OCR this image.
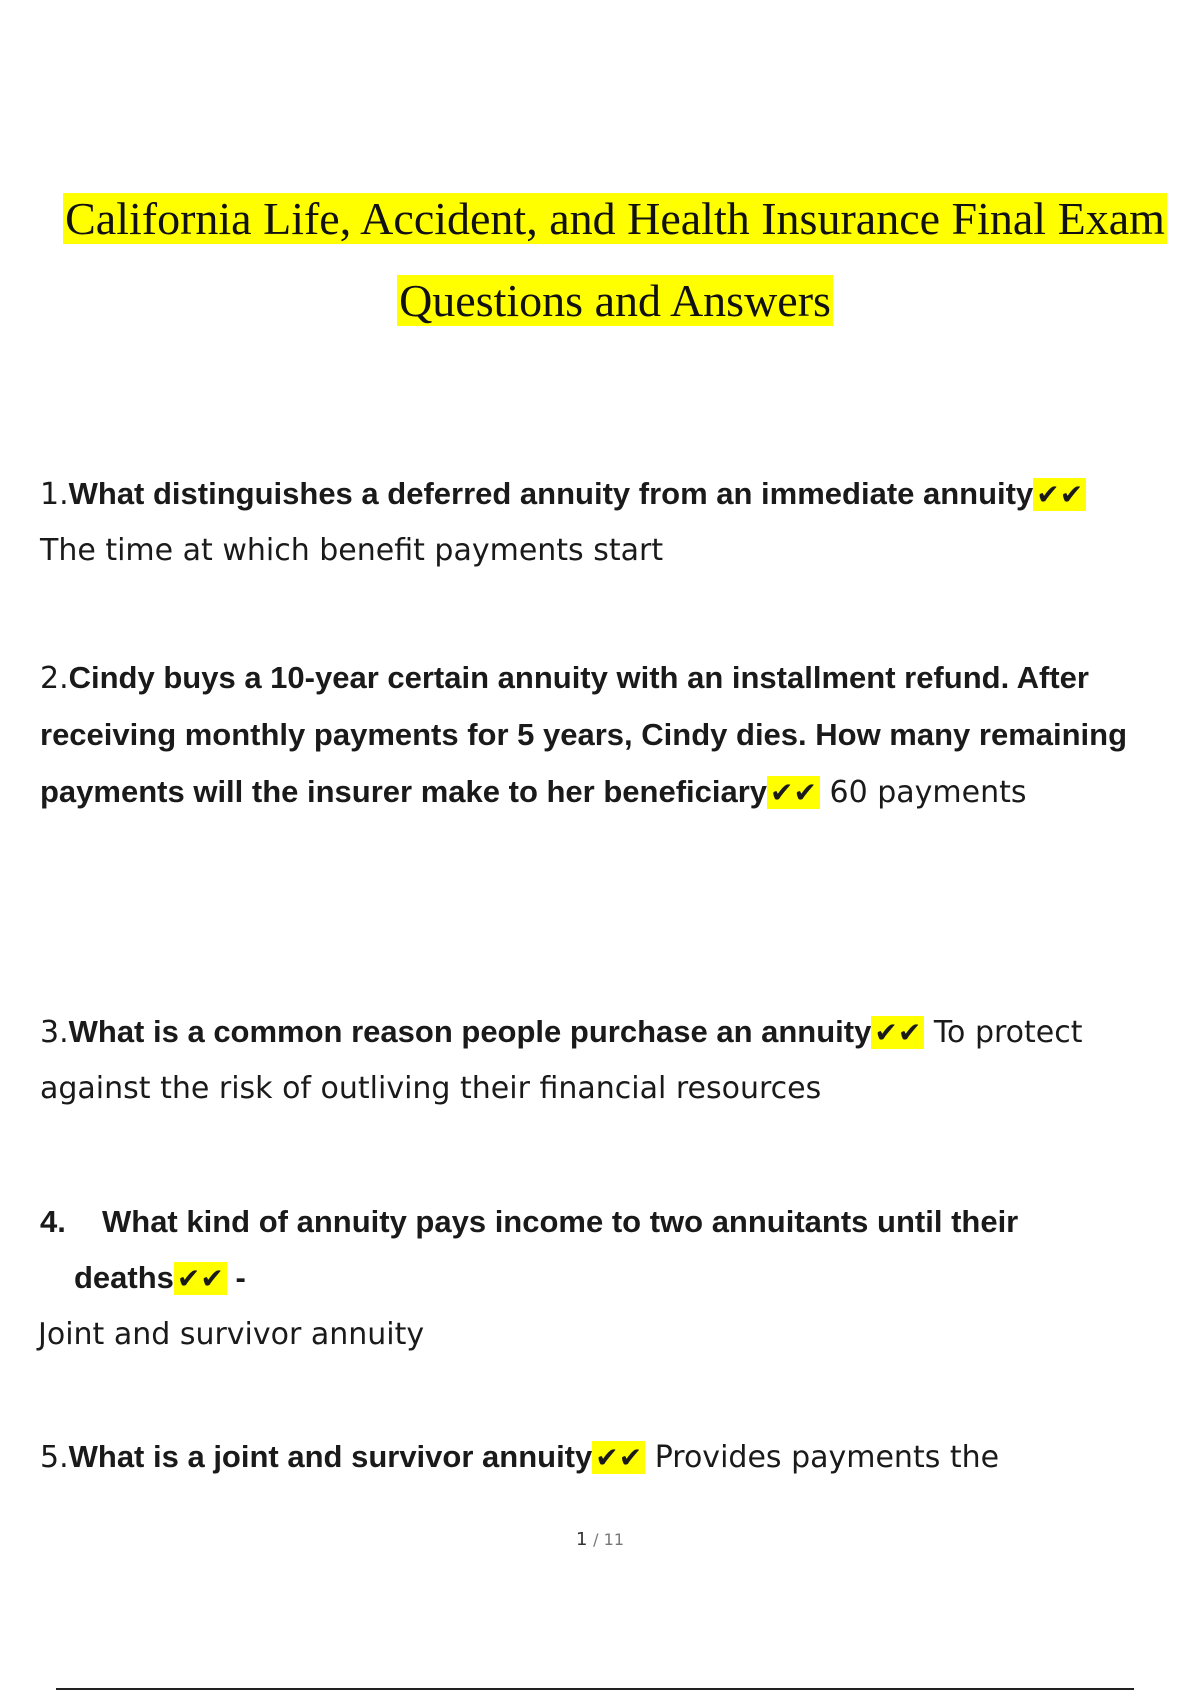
California Life, Accident, and Health Insurance Final Exam
Questions and Answers
1.What distinguishes a deferred annuity from an immediate annuity ✔✔
The time at which benefit payments start
2.Cindy buys a 10-year certain annuity with an installment refund. After receiving monthly payments for 5 years, Cindy dies. How many remaining payments will the insurer make to her beneficiary ✔✔ 60 payments
3.What is a common reason people purchase an annuity ✔✔ To protect against the risk of outliving their financial resources
4. What kind of annuity pays income to two annuitants until their deaths ✔✔ -
Joint and survivor annuity
5.What is a joint and survivor annuity ✔✔ Provides payments the
1 / 11
